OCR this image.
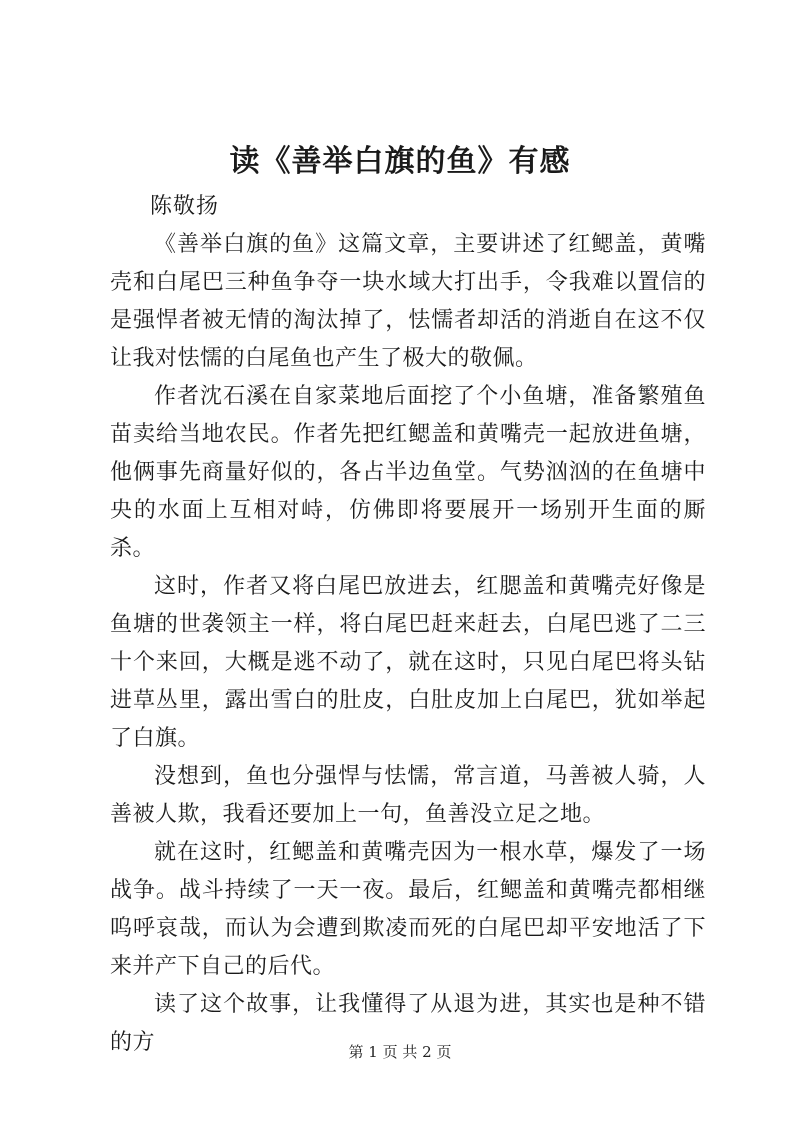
读《善举白旗的鱼》有感
陈敬扬

《善举白旗的鱼》这篇文章，主要讲述了红鳃盖，黄嘴壳和白尾巴三种鱼争夺一块水域大打出手，令我难以置信的是强悍者被无情的淘汰掉了，怯懦者却活的消逝自在这不仅让我对怯懦的白尾鱼也产生了极大的敬佩。

作者沈石溪在自家菜地后面挖了个小鱼塘，准备繁殖鱼苗卖给当地农民。作者先把红鳃盖和黄嘴壳一起放进鱼塘，他俩事先商量好似的，各占半边鱼堂。气势汹汹的在鱼塘中央的水面上互相对峙，仿佛即将要展开一场别开生面的厮杀。

这时，作者又将白尾巴放进去，红腮盖和黄嘴壳好像是鱼塘的世袭领主一样，将白尾巴赶来赶去，白尾巴逃了二三十个来回，大概是逃不动了，就在这时，只见白尾巴将头钻进草丛里，露出雪白的肚皮，白肚皮加上白尾巴，犹如举起了白旗。

没想到，鱼也分强悍与怯懦，常言道，马善被人骑，人善被人欺，我看还要加上一句，鱼善没立足之地。

就在这时，红鳃盖和黄嘴壳因为一根水草，爆发了一场战争。战斗持续了一天一夜。最后，红鳃盖和黄嘴壳都相继呜呼哀哉，而认为会遭到欺凌而死的白尾巴却平安地活了下来并产下自己的后代。

读了这个故事，让我懂得了从退为进，其实也是种不错的方	第 1 页 共 2 页
